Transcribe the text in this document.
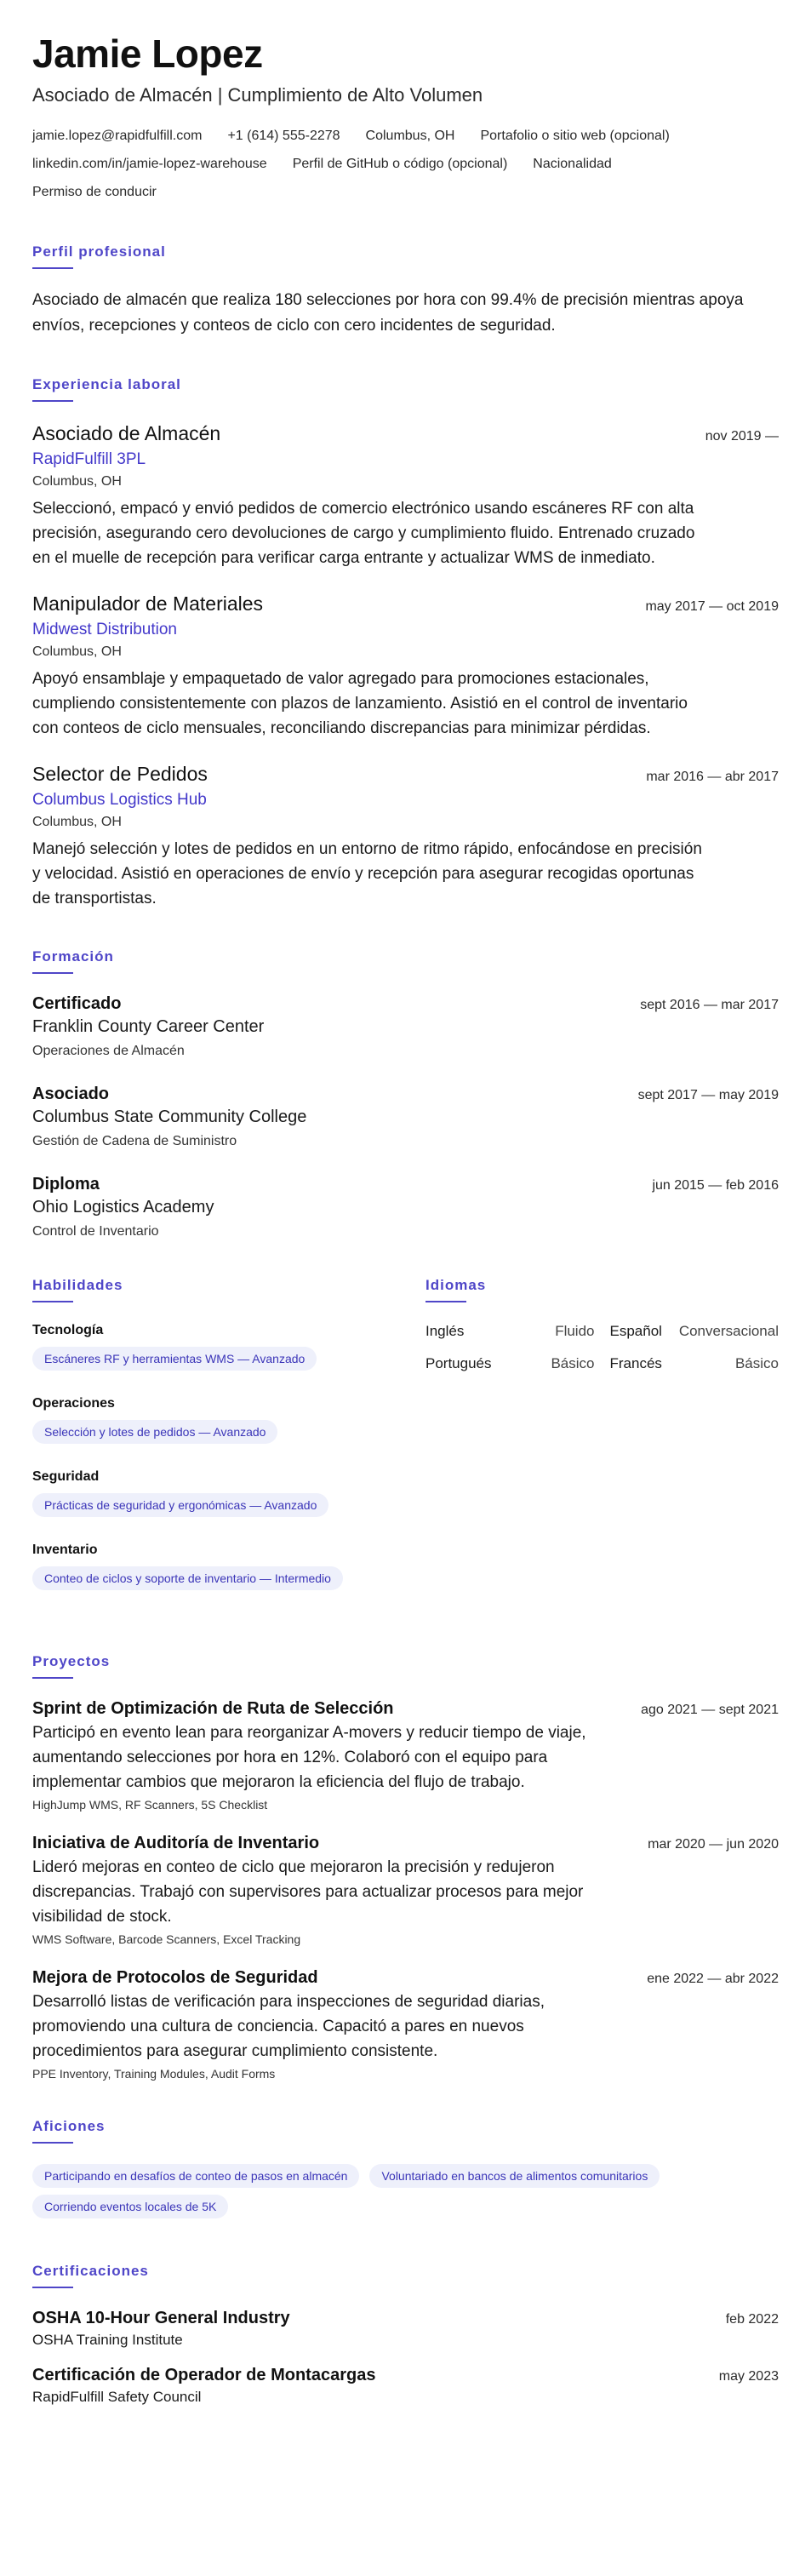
Jamie Lopez
Asociado de Almacén | Cumplimiento de Alto Volumen
jamie.lopez@rapidfulfill.com +1 (614) 555-2278 Columbus, OH Portafolio o sitio web (opcional)
linkedin.com/in/jamie-lopez-warehouse Perfil de GitHub o código (opcional) Nacionalidad
Permiso de conducir
Perfil profesional

Asociado de almacén que realiza 180 selecciones por hora con 99.4% de precisión mientras apoya envíos, recepciones y conteos de ciclo con cero incidentes de seguridad.

Experiencia laboral
Asociado de Almacén	nov 2019 —
RapidFulfill 3PL
Columbus, OH

Seleccionó, empacó y envió pedidos de comercio electrónico usando escáneres RF con alta precisión, asegurando cero devoluciones de cargo y cumplimiento fluido. Entrenado cruzado en el muelle de recepción para verificar carga entrante y actualizar WMS de inmediato.

Manipulador de Materiales	may 2017 — oct 2019
Midwest Distribution
Columbus, OH

Apoyó ensamblaje y empaquetado de valor agregado para promociones estacionales, cumpliendo consistentemente con plazos de lanzamiento. Asistió en el control de inventario con conteos de ciclo mensuales, reconciliando discrepancias para minimizar pérdidas.

Selector de Pedidos	mar 2016 — abr 2017
Columbus Logistics Hub
Columbus, OH

Manejó selección y lotes de pedidos en un entorno de ritmo rápido, enfocándose en precisión y velocidad. Asistió en operaciones de envío y recepción para asegurar recogidas oportunas de transportistas.

Formación
Certificado	sept 2016 — mar 2017
Franklin County Career Center
Operaciones de Almacén
Asociado	sept 2017 — may 2019
Columbus State Community College
Gestión de Cadena de Suministro
Diploma	jun 2015 — feb 2016
Ohio Logistics Academy
Control de Inventario
Habilidades
Tecnología
Escáneres RF y herramientas WMS — Avanzado
Operaciones
Selección y lotes de pedidos — Avanzado
Seguridad
Prácticas de seguridad y ergonómicas — Avanzado
Inventario
Conteo de ciclos y soporte de inventario — Intermedio
Idiomas
Inglés	Fluido Español Conversacional
Portugués	Básico Francés	Básico
Proyectos
Sprint de Optimización de Ruta de Selección	ago 2021 — sept 2021

Participó en evento lean para reorganizar A-movers y reducir tiempo de viaje, aumentando selecciones por hora en 12%. Colaboró con el equipo para implementar cambios que mejoraron la eficiencia del flujo de trabajo.

HighJump WMS, RF Scanners, 5S Checklist
Iniciativa de Auditoría de Inventario	mar 2020 — jun 2020

Lideró mejoras en conteo de ciclo que mejoraron la precisión y redujeron discrepancias. Trabajó con supervisores para actualizar procesos para mejor visibilidad de stock.

WMS Software, Barcode Scanners, Excel Tracking
Mejora de Protocolos de Seguridad	ene 2022 — abr 2022

Desarrolló listas de verificación para inspecciones de seguridad diarias, promoviendo una cultura de conciencia. Capacitó a pares en nuevos procedimientos para asegurar cumplimiento consistente.

PPE Inventory, Training Modules, Audit Forms
Aficiones
Participando en desafíos de conteo de pasos en almacén	Voluntariado en bancos de alimentos comunitariosCorriendo eventos locales de 5K
Certificaciones
OSHA 10-Hour General Industry	feb 2022
OSHA Training Institute
Certificación de Operador de Montacargas	may 2023
RapidFulfill Safety Council
